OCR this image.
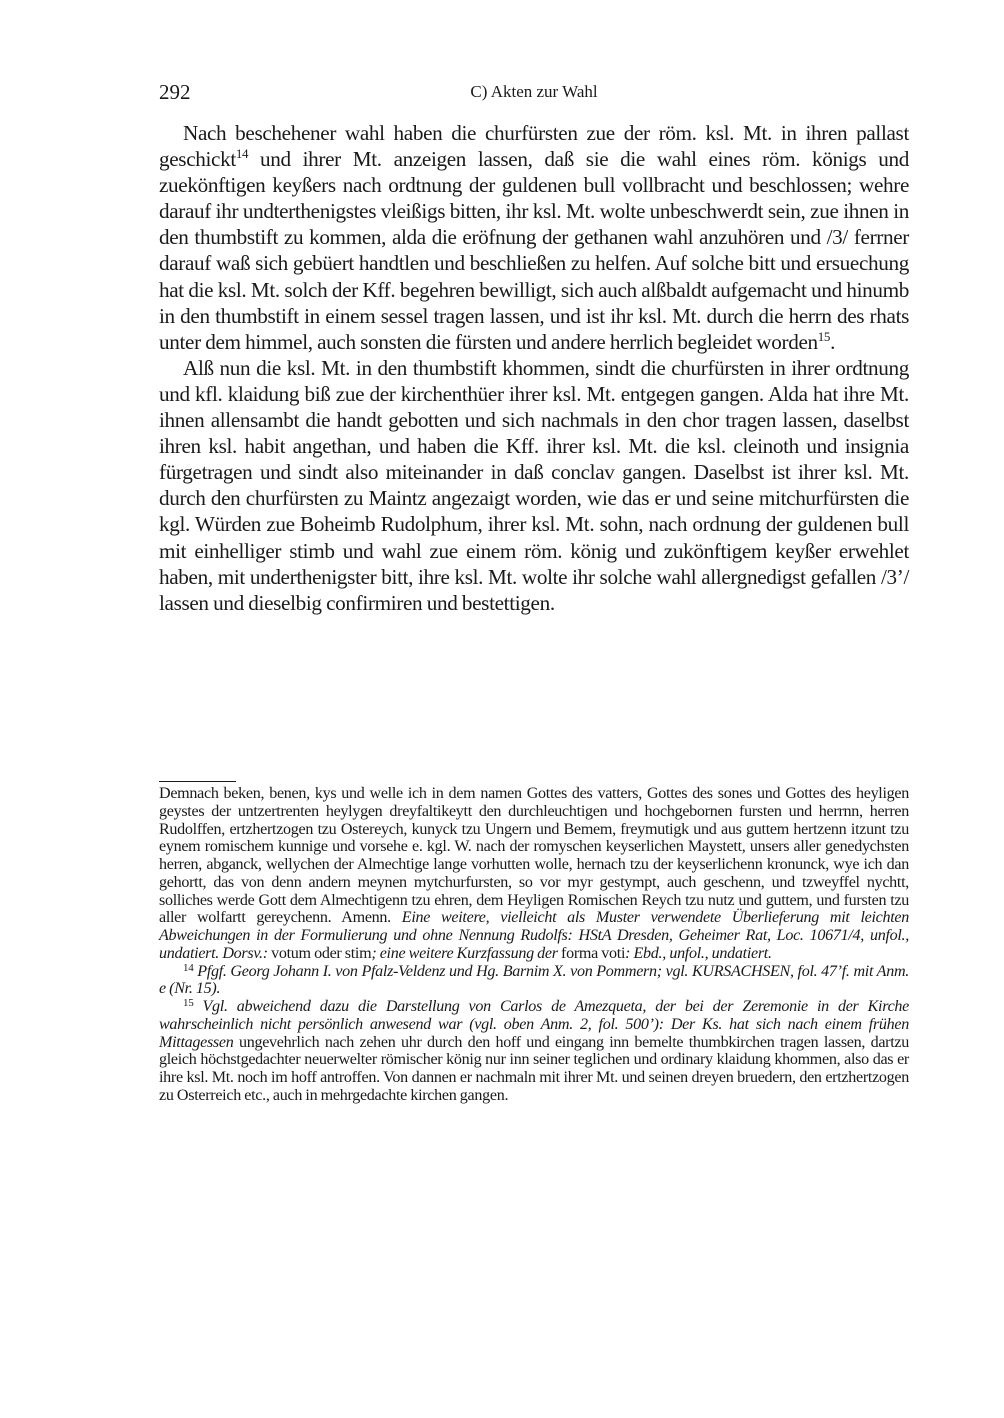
292	C) Akten zur Wahl

Nach beschehener wahl haben die churfürsten zue der röm. ksl. Mt. in ihren pallast geschickt$^{14}$ und ihrer Mt. anzeigen lassen, daß sie die wahl eines röm. königs und zuekönftigen keyßers nach ordtnung der guldenen bull vollbracht und beschlossen; wehre darauf ihr undterthenigstes vleißigs bitten, ihr ksl. Mt. wolte unbeschwerdt sein, zue ihnen in den thumbstift zu kommen, alda die eröfnung der gethanen wahl anzuhören und /3/ ferrner darauf waß sich gebüert handtlen und beschließen zu helfen. Auf solche bitt und ersuechung hat die ksl. Mt. solch der Kff. begehren bewilligt, sich auch alßbaldt aufgemacht und hinumb in den thumbstift in einem sessel tragen lassen, und ist ihr ksl. Mt. durch die herrn des rhats unter dem himmel, auch sonsten die fürsten und andere herrlich begleidet worden$^{15}$.

Alß nun die ksl. Mt. in den thumbstift khommen, sindt die churfürsten in ihrer ordtnung und kfl. klaidung biß zue der kirchenthüer ihrer ksl. Mt. entgegen gangen. Alda hat ihre Mt. ihnen allensambt die handt gebotten und sich nachmals in den chor tragen lassen, daselbst ihren ksl. habit angethan, und haben die Kff. ihrer ksl. Mt. die ksl. cleinoth und insignia fürgetragen und sindt also miteinander in daß conclav gangen. Daselbst ist ihrer ksl. Mt. durch den churfürsten zu Maintz angezaigt worden, wie das er und seine mitchurfürsten die kgl. Würden zue Boheimb Rudolphum, ihrer ksl. Mt. sohn, nach ordnung der guldenen bull mit einhelliger stimb und wahl zue einem röm. könig und zukönftigem keyßer erwehlet haben, mit underthenigster bitt, ihre ksl. Mt. wolte ihr solche wahl allergnedigst gefallen /3’/ lassen und dieselbig confirmiren und bestettigen.

Demnach beken, benen, kys und welle ich in dem namen Gottes des vatters, Gottes des sones und Gottes des heyligen geystes der untzertrenten heylygen dreyfaltikeytt den durchleuchtigen und hochgebornen fursten und herrnn, herren Rudolffen, ertzhertzogen tzu Ostereych, kunyck tzu Ungern und Bemem, freymutigk und aus guttem hertzenn itzunt tzu eynem romischem kunnige und vorsehe e. kgl. W. nach der romyschen keyserlichen Maystett, unsers aller genedychsten herren, abganck, wellychen der Almechtige lange vorhutten wolle, hernach tzu der keyserlichenn kronunck, wye ich dan gehortt, das von denn andern meynen mytchurfursten, so vor myr gestympt, auch geschenn, und tzweyffel nychtt, solliches werde Gott dem Almechtigenn tzu ehren, dem Heyligen Romischen Reych tzu nutz und guttem, und fursten tzu aller wolfartt gereychenn. Amenn. Eine weitere, vielleicht als Muster verwendete Überlieferung mit leichten Abweichungen in der Formulierung und ohne Nennung Rudolfs: HStA Dresden, Geheimer Rat, Loc. 10671/4, unfol., undatiert. Dorsv.: votum oder stim; eine weitere Kurzfassung der forma voti: Ebd., unfol., undatiert.

$^{14}$ Pfgf. Georg Johann I. von Pfalz-Veldenz und Hg. Barnim X. von Pommern; vgl. KURSACHSEN, fol. 47’f. mit Anm. e (Nr. 15).

$^{15}$ Vgl. abweichend dazu die Darstellung von Carlos de Amezqueta, der bei der Zeremonie in der Kirche wahrscheinlich nicht persönlich anwesend war (vgl. oben Anm. 2, fol. 500’): Der Ks. hat sich nach einem frühen Mittagessen ungevehrlich nach zehen uhr durch den hoff und eingang inn bemelte thumbkirchen tragen lassen, dartzu gleich höchstgedachter neuerwelter römischer könig nur inn seiner teglichen und ordinary klaidung khommen, also das er ihre ksl. Mt. noch im hoff antroffen. Von dannen er nachmaln mit ihrer Mt. und seinen dreyen bruedern, den ertzhertzogen zu Osterreich etc., auch in mehrgedachte kirchen gangen.
